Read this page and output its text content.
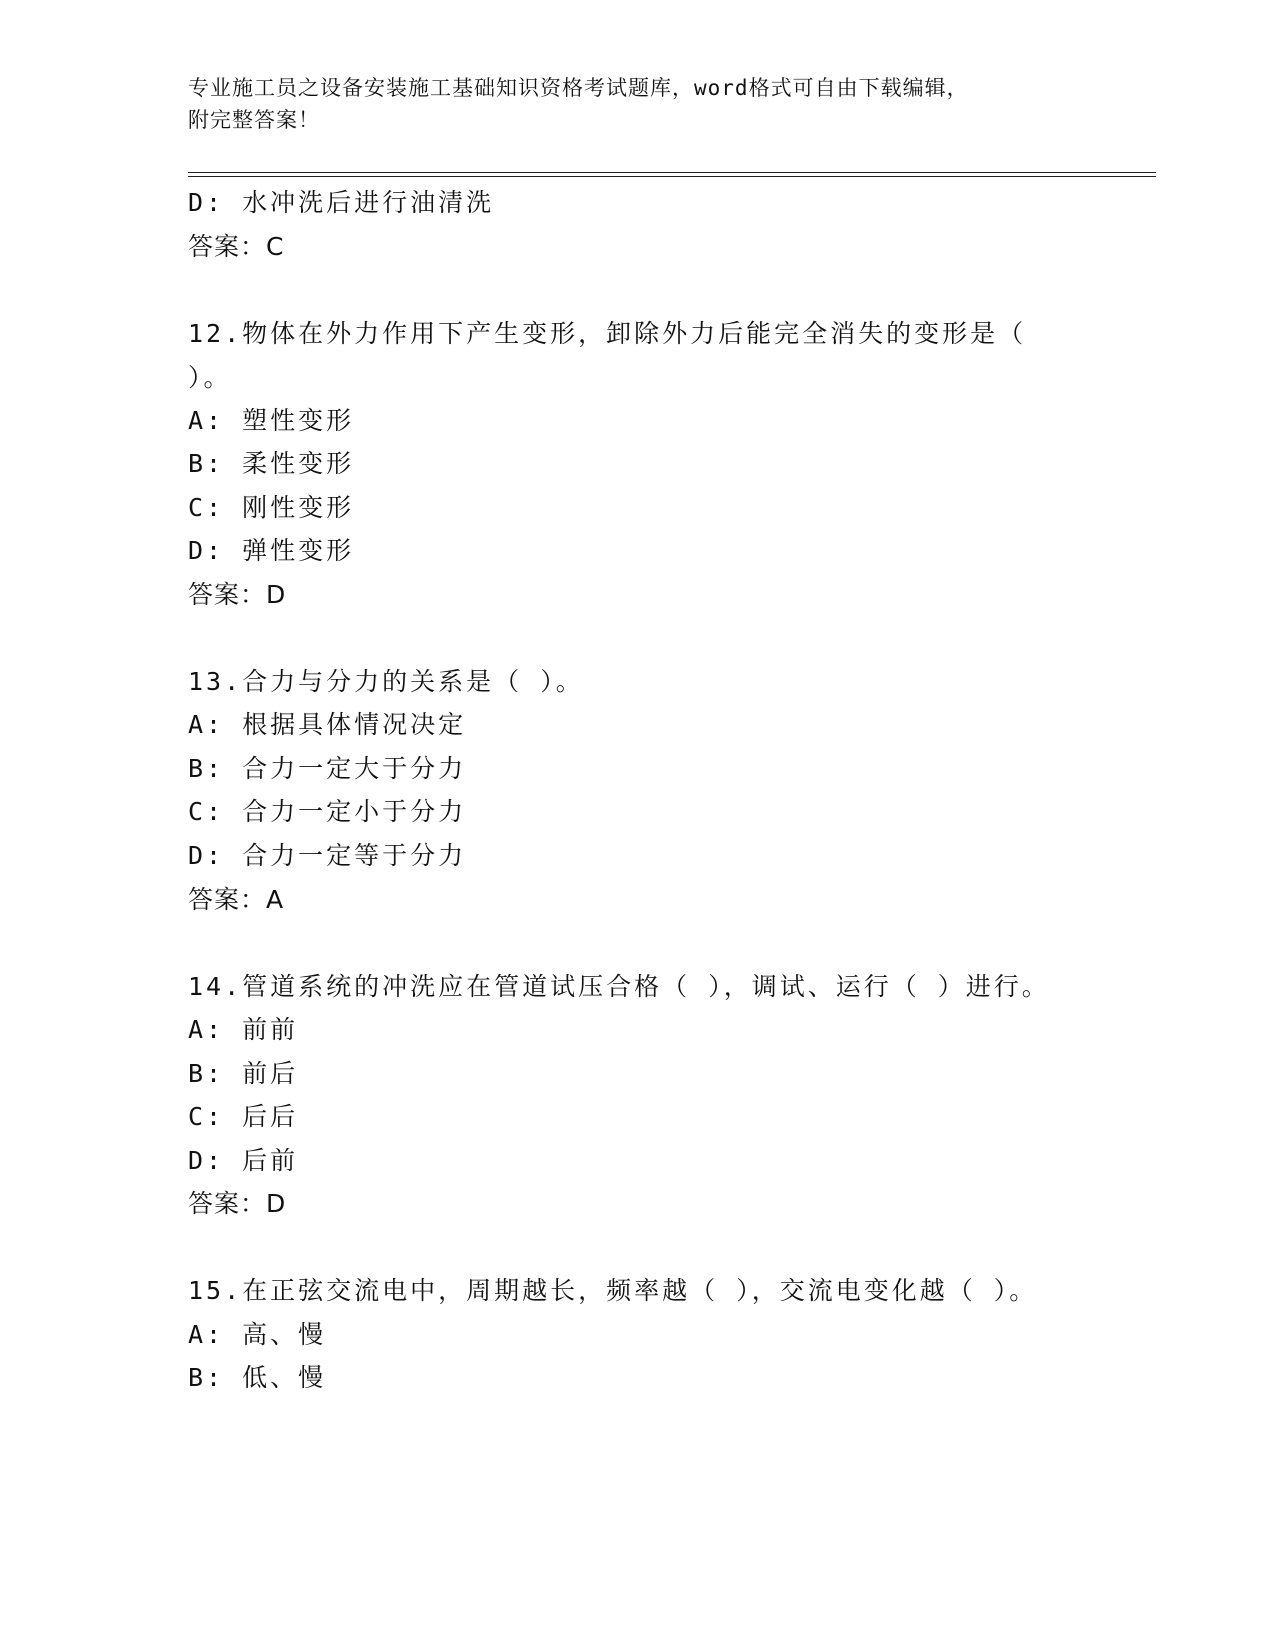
专业施工员之设备安装施工基础知识资格考试题库，word格式可自由下载编辑，
附完整答案！
D: 水冲洗后进行油清洗
答案：C
12.物体在外力作用下产生变形，卸除外力后能完全消失的变形是（
）。
A: 塑性变形
B: 柔性变形
C: 刚性变形
D: 弹性变形
答案：D
13.合力与分力的关系是（ ）。
A: 根据具体情况决定
B: 合力一定大于分力
C: 合力一定小于分力
D: 合力一定等于分力
答案：A
14.管道系统的冲洗应在管道试压合格（ ），调试、运行（ ）进行。
A: 前前
B: 前后
C: 后后
D: 后前
答案：D
15.在正弦交流电中，周期越长，频率越（ ），交流电变化越（ ）。
A: 高、慢
B: 低、慢
